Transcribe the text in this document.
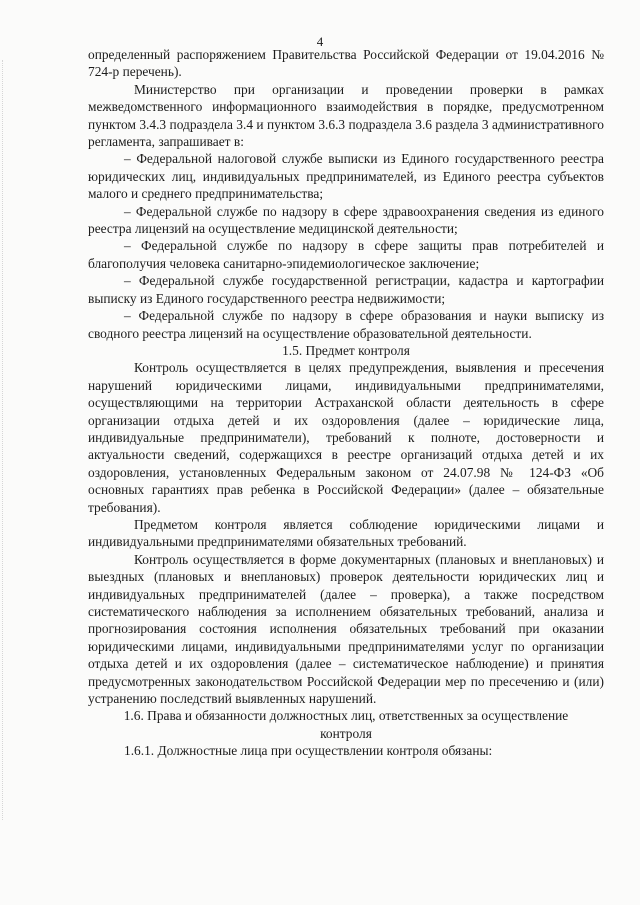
4

определенный распоряжением Правительства Российской Федерации от 19.04.2016 № 724-р перечень).

Министерство при организации и проведении проверки в рамках межведомственного информационного взаимодействия в порядке, предусмотренном пунктом 3.4.3 подраздела 3.4 и пунктом 3.6.3 подраздела 3.6 раздела 3 административного регламента, запрашивает в:

– Федеральной налоговой службе выписки из Единого государственного реестра юридических лиц, индивидуальных предпринимателей, из Единого реестра субъектов малого и среднего предпринимательства;

– Федеральной службе по надзору в сфере здравоохранения сведения из единого реестра лицензий на осуществление медицинской деятельности;

– Федеральной службе по надзору в сфере защиты прав потребителей и благополучия человека санитарно-эпидемиологическое заключение;

– Федеральной службе государственной регистрации, кадастра и картографии выписку из Единого государственного реестра недвижимости;

– Федеральной службе по надзору в сфере образования и науки выписку из сводного реестра лицензий на осуществление образовательной деятельности.

1.5. Предмет контроля

Контроль осуществляется в целях предупреждения, выявления и пресечения нарушений юридическими лицами, индивидуальными предпринимателями, осуществляющими на территории Астраханской области деятельность в сфере организации отдыха детей и их оздоровления (далее – юридические лица, индивидуальные предприниматели), требований к полноте, достоверности и актуальности сведений, содержащихся в реестре организаций отдыха детей и их оздоровления, установленных Федеральным законом от 24.07.98 № 124-ФЗ «Об основных гарантиях прав ребенка в Российской Федерации» (далее – обязательные требования).

Предметом контроля является соблюдение юридическими лицами и индивидуальными предпринимателями обязательных требований.

Контроль осуществляется в форме документарных (плановых и внеплановых) и выездных (плановых и внеплановых) проверок деятельности юридических лиц и индивидуальных предпринимателей (далее – проверка), а также посредством систематического наблюдения за исполнением обязательных требований, анализа и прогнозирования состояния исполнения обязательных требований при оказании юридическими лицами, индивидуальными предпринимателями услуг по организации отдыха детей и их оздоровления (далее – систематическое наблюдение) и принятия предусмотренных законодательством Российской Федерации мер по пресечению и (или) устранению последствий выявленных нарушений.

1.6. Права и обязанности должностных лиц, ответственных за осуществление контроля

1.6.1. Должностные лица при осуществлении контроля обязаны:
